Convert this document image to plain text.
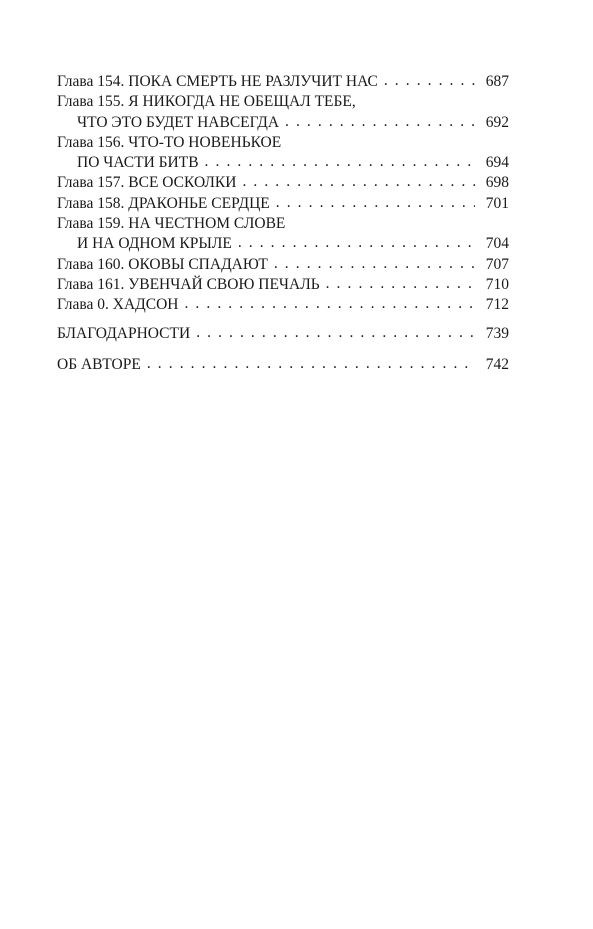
Глава 154. ПОКА СМЕРТЬ НЕ РАЗЛУЧИТ НАС . . .	687
Глава 155. Я НИКОГДА НЕ ОБЕЩАЛ ТЕБЕ,
ЧТО ЭТО БУДЕТ НАВСЕГДА . . .	692
Глава 156. ЧТО-ТО НОВЕНЬКОЕ
ПО ЧАСТИ БИТВ . . .	694
Глава 157. ВСЕ ОСКОЛКИ . . .	698
Глава 158. ДРАКОНЬЕ СЕРДЦЕ . . .	701
Глава 159. НА ЧЕСТНОМ СЛОВЕ
И НА ОДНОМ КРЫЛЕ . . .	704
Глава 160. ОКОВЫ СПАДАЮТ . . .	707
Глава 161. УВЕНЧАЙ СВОЮ ПЕЧАЛЬ . . .	710
Глава 0. ХАДСОН . . .	712
БЛАГОДАРНОСТИ . . .	739
ОБ АВТОРЕ . . .	742
